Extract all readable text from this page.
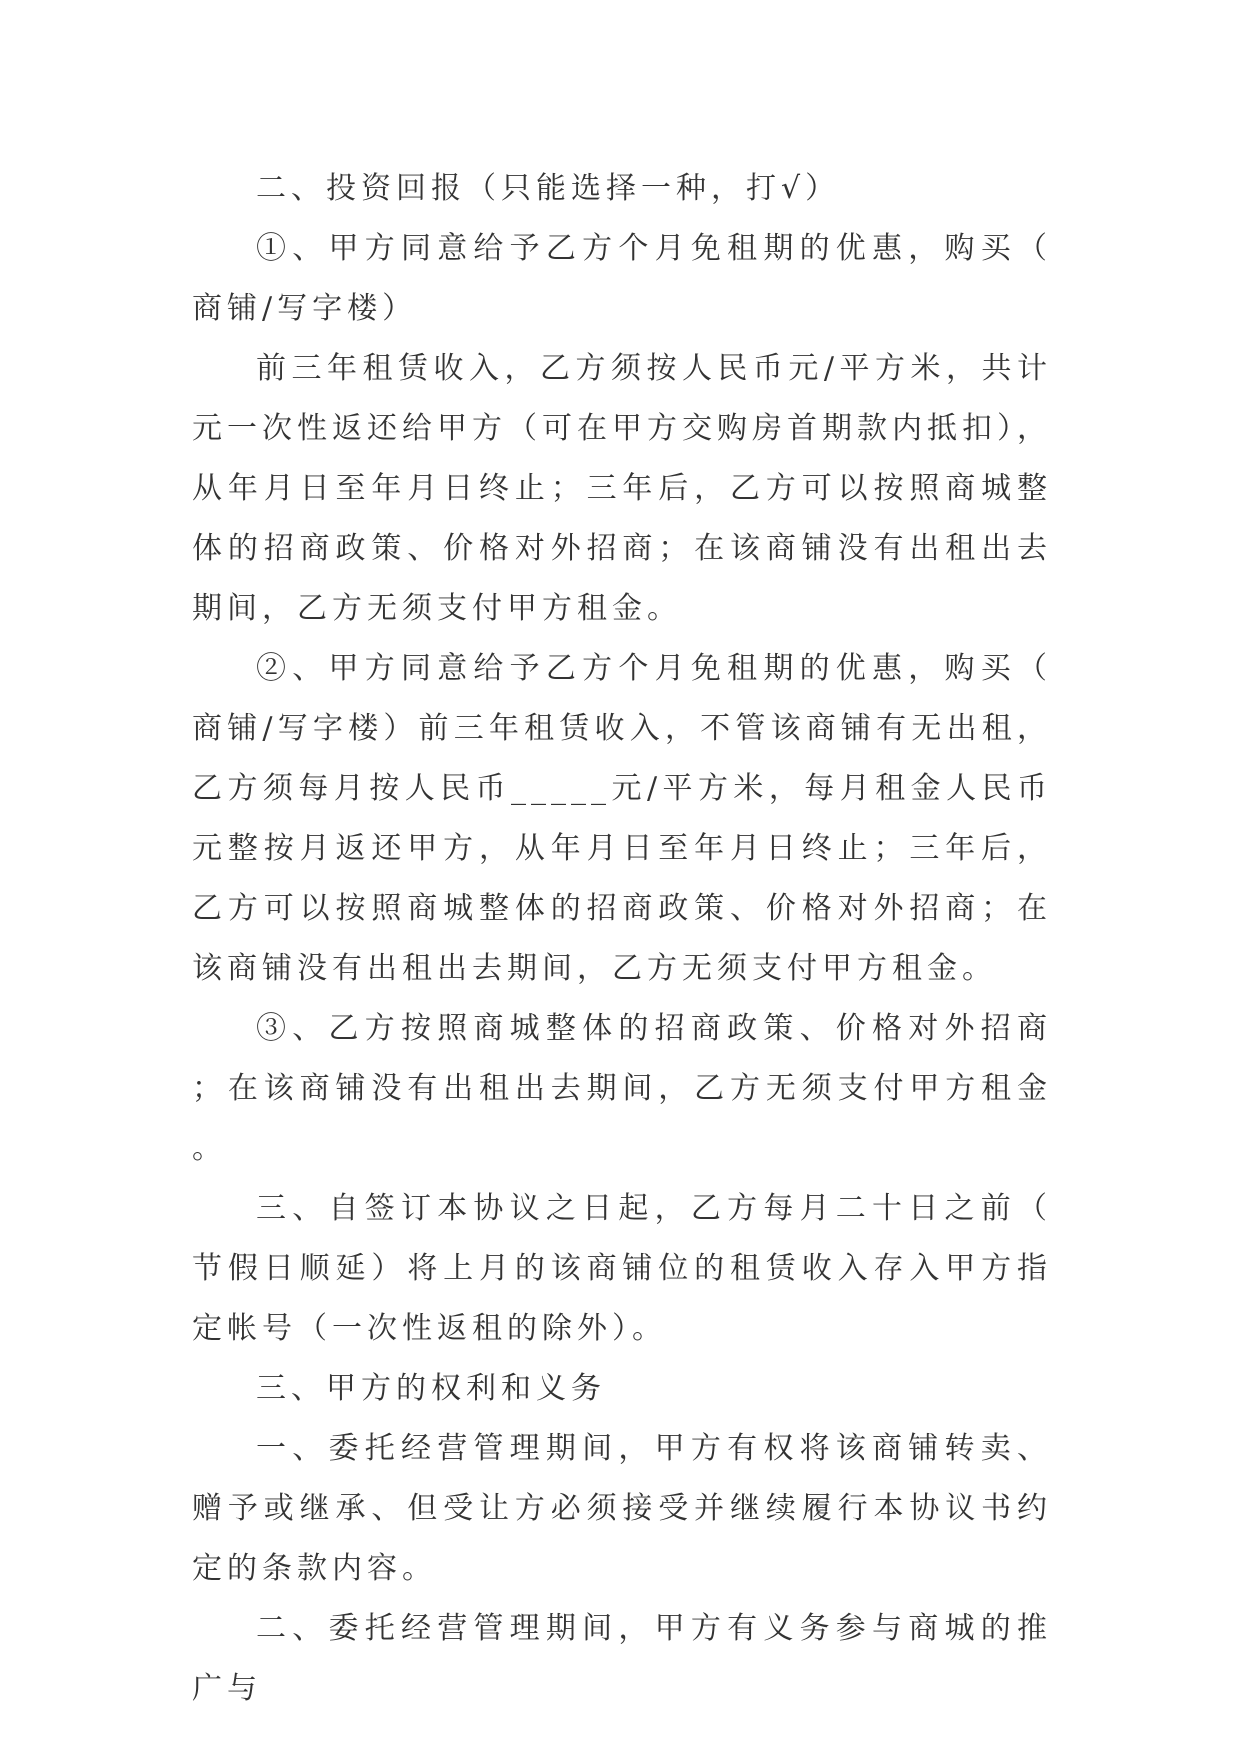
二、投资回报（只能选择一种，打√）

①、甲方同意给予乙方个月免租期的优惠，购买（商铺/写字楼）

前三年租赁收入，乙方须按人民币元/平方米，共计元一次性返还给甲方（可在甲方交购房首期款内抵扣），从年月日至年月日终止；三年后，乙方可以按照商城整体的招商政策、价格对外招商；在该商铺没有出租出去期间，乙方无须支付甲方租金。

②、甲方同意给予乙方个月免租期的优惠，购买（商铺/写字楼）前三年租赁收入，不管该商铺有无出租，乙方须每月按人民币_____元/平方米，每月租金人民币元整按月返还甲方，从年月日至年月日终止；三年后，乙方可以按照商城整体的招商政策、价格对外招商；在该商铺没有出租出去期间，乙方无须支付甲方租金。

③、乙方按照商城整体的招商政策、价格对外招商；在该商铺没有出租出去期间，乙方无须支付甲方租金。

三、自签订本协议之日起，乙方每月二十日之前（节假日顺延）将上月的该商铺位的租赁收入存入甲方指定帐号（一次性返租的除外）。

三、甲方的权利和义务

一、委托经营管理期间，甲方有权将该商铺转卖、赠予或继承、但受让方必须接受并继续履行本协议书约定的条款内容。

二、委托经营管理期间，甲方有义务参与商城的推广与
